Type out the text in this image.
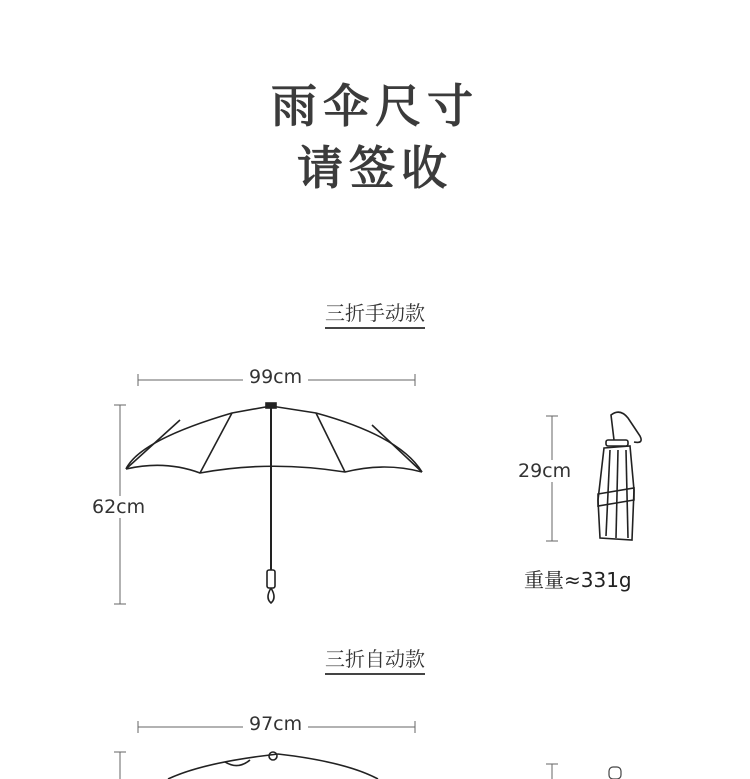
雨伞尺寸
请签收
三折手动款
99cm
62cm
29cm
重量≈331g
三折自动款
97cm
